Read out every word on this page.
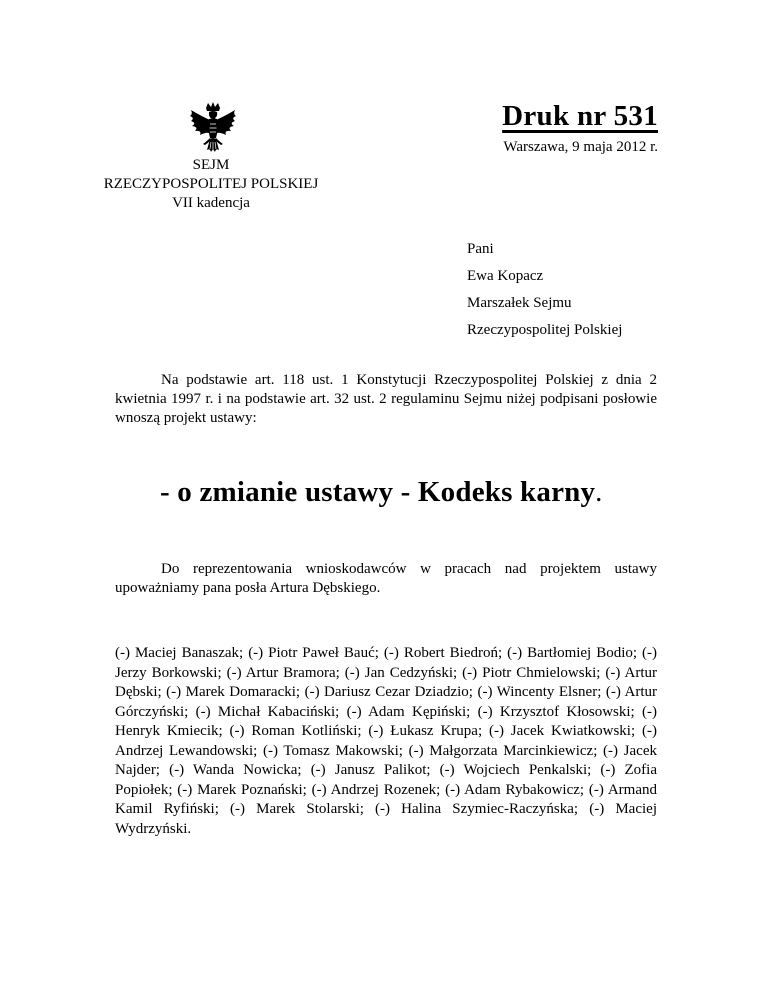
Druk nr 531
Warszawa, 9 maja 2012 r.
SEJM
RZECZYPOSPOLITEJ POLSKIEJ
VII kadencja
Pani
Ewa Kopacz
Marszałek Sejmu
Rzeczypospolitej Polskiej

Na podstawie art. 118 ust. 1 Konstytucji Rzeczypospolitej Polskiej z dnia 2 kwietnia 1997 r. i na podstawie art. 32 ust. 2 regulaminu Sejmu niżej podpisani posłowie wnoszą projekt ustawy:

- o zmianie ustawy - Kodeks karny.

Do reprezentowania wnioskodawców w pracach nad projektem ustawy upoważniamy pana posła Artura Dębskiego.

(-) Maciej Banaszak; (-) Piotr Paweł Bauć; (-) Robert Biedroń; (-) Bartłomiej Bodio; (-) Jerzy Borkowski; (-) Artur Bramora; (-) Jan Cedzyński; (-) Piotr Chmielowski; (-) Artur Dębski; (-) Marek Domaracki; (-) Dariusz Cezar Dziadzio; (-) Wincenty Elsner; (-) Artur Górczyński; (-) Michał Kabaciński; (-) Adam Kępiński; (-) Krzysztof Kłosowski; (-) Henryk Kmiecik; (-) Roman Kotliński; (-) Łukasz Krupa; (-) Jacek Kwiatkowski; (-) Andrzej Lewandowski; (-) Tomasz Makowski; (-) Małgorzata Marcinkiewicz; (-) Jacek Najder; (-) Wanda Nowicka; (-) Janusz Palikot; (-) Wojciech Penkalski; (-) Zofia Popiołek; (-) Marek Poznański; (-) Andrzej Rozenek; (-) Adam Rybakowicz; (-) Armand Kamil Ryfiński; (-) Marek Stolarski; (-) Halina Szymiec-Raczyńska; (-) Maciej Wydrzyński.
